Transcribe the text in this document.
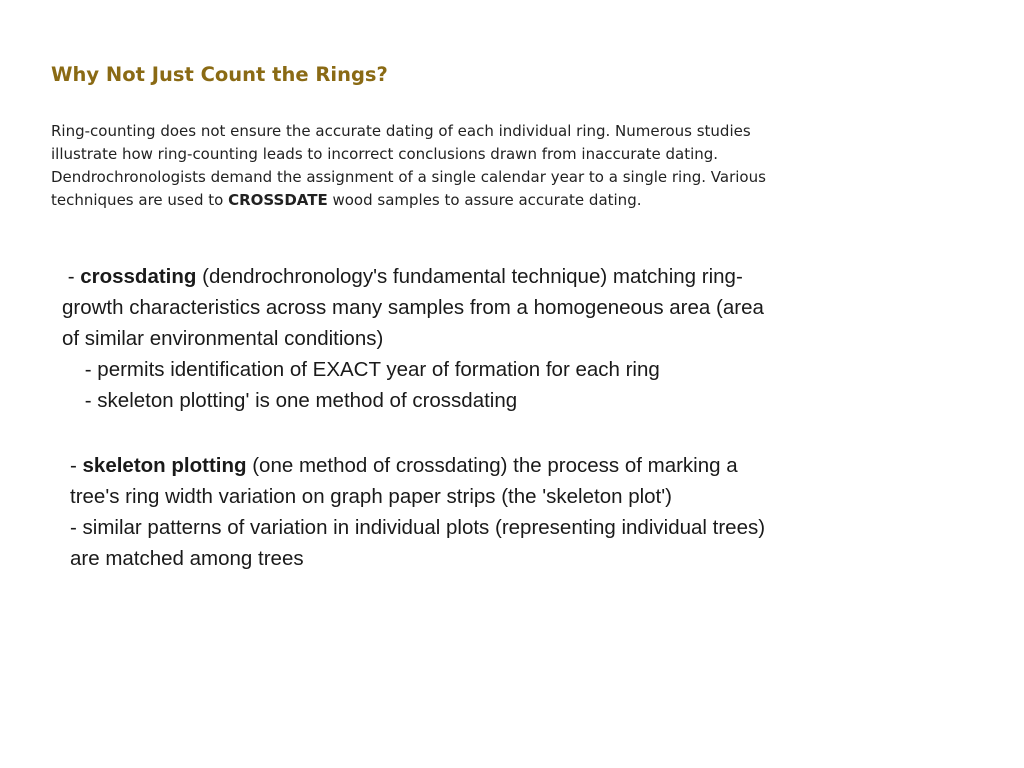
Why Not Just Count the Rings?

Ring-counting does not ensure the accurate dating of each individual ring. Numerous studies
illustrate how ring-counting leads to incorrect conclusions drawn from inaccurate dating.
Dendrochronologists demand the assignment of a single calendar year to a single ring. Various
techniques are used to CROSSDATE wood samples to assure accurate dating.

- crossdating (dendrochronology's fundamental technique) matching ring-
growth characteristics across many samples from a homogeneous area (area
of similar environmental conditions)
- permits identification of EXACT year of formation for each ring
- skeleton plotting' is one method of crossdating
- skeleton plotting (one method of crossdating) the process of marking a
tree's ring width variation on graph paper strips (the 'skeleton plot')
- similar patterns of variation in individual plots (representing individual trees)
are matched among trees
